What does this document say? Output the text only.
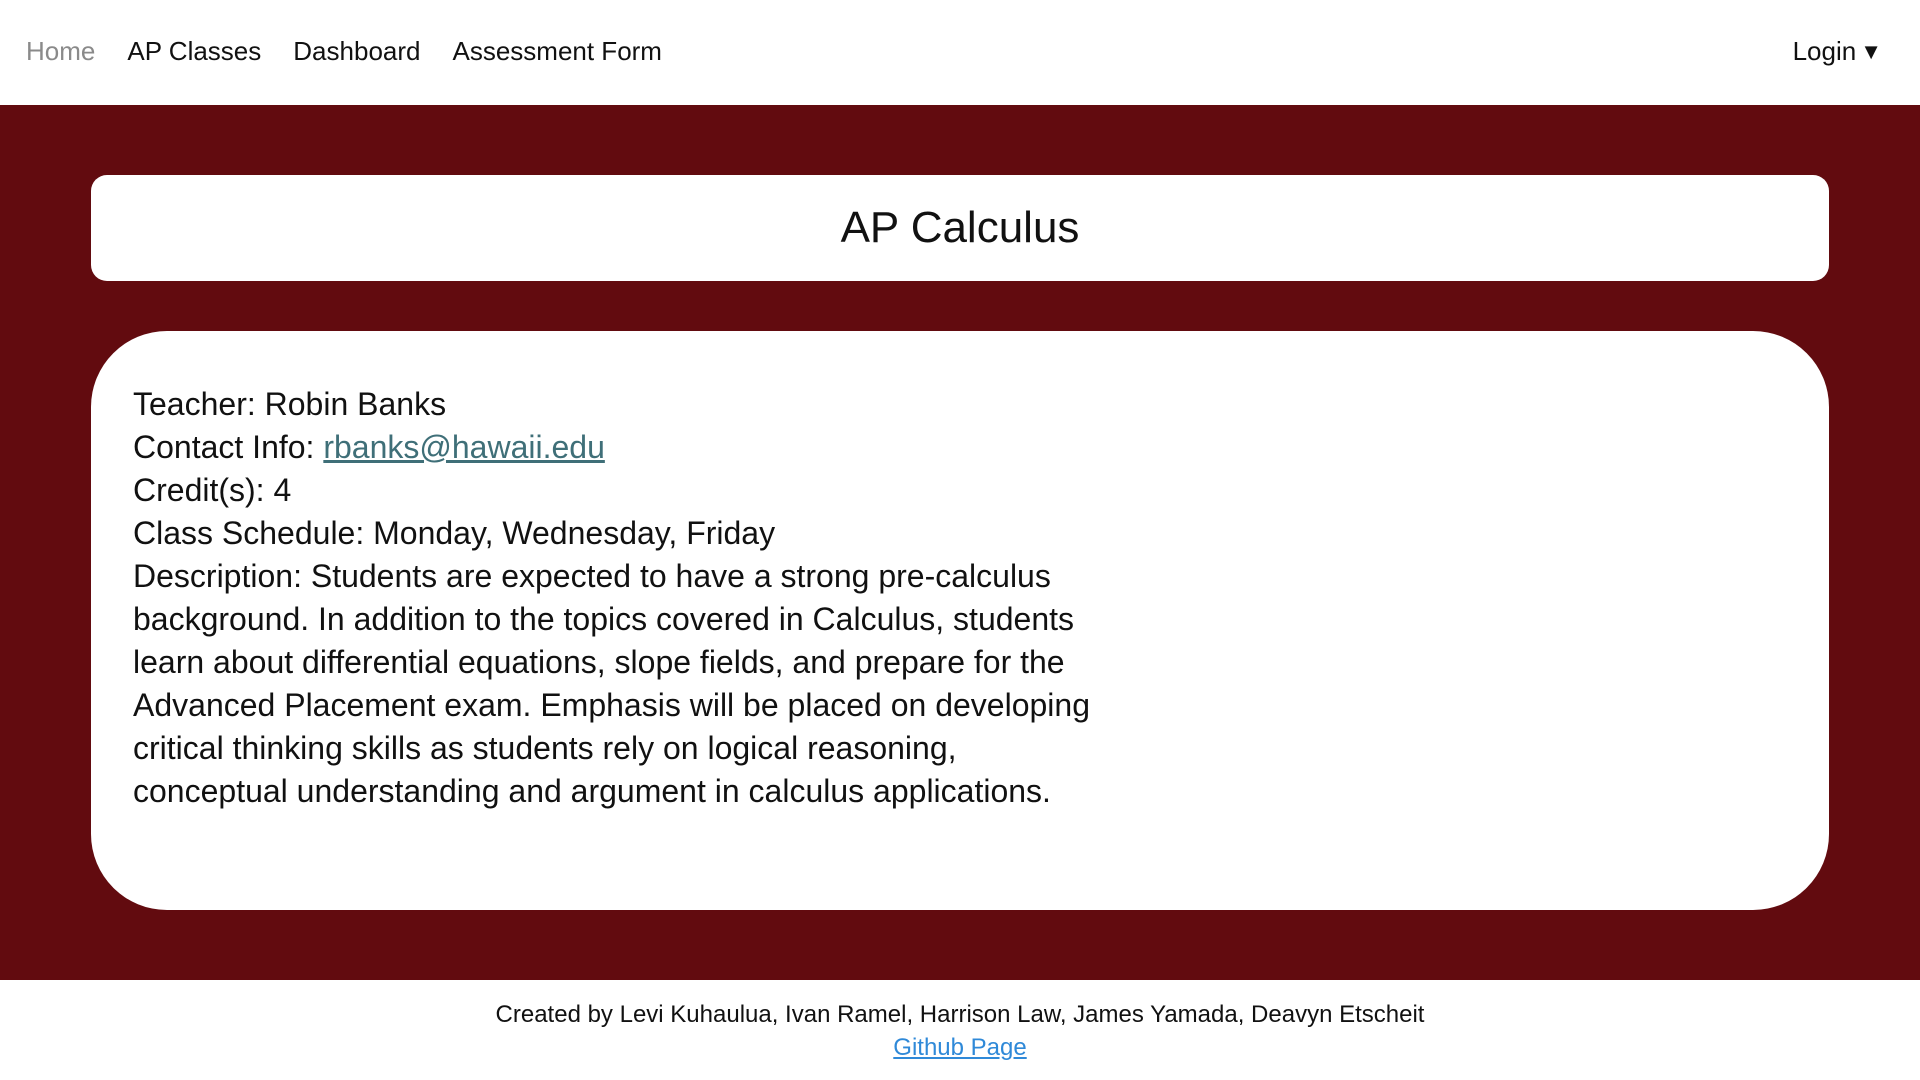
Home AP Classes Dashboard Assessment Form	Login ▼
AP Calculus
Teacher: Robin Banks
Contact Info: rbanks@hawaii.edu
Credit(s): 4
Class Schedule: Monday, Wednesday, Friday
Description: Students are expected to have a strong pre-calculus background. In addition to the topics covered in Calculus, students learn about differential equations, slope fields, and prepare for the Advanced Placement exam. Emphasis will be placed on developing critical thinking skills as students rely on logical reasoning, conceptual understanding and argument in calculus applications.
Created by Levi Kuhaulua, Ivan Ramel, Harrison Law, James Yamada, Deavyn Etscheit
Github Page
